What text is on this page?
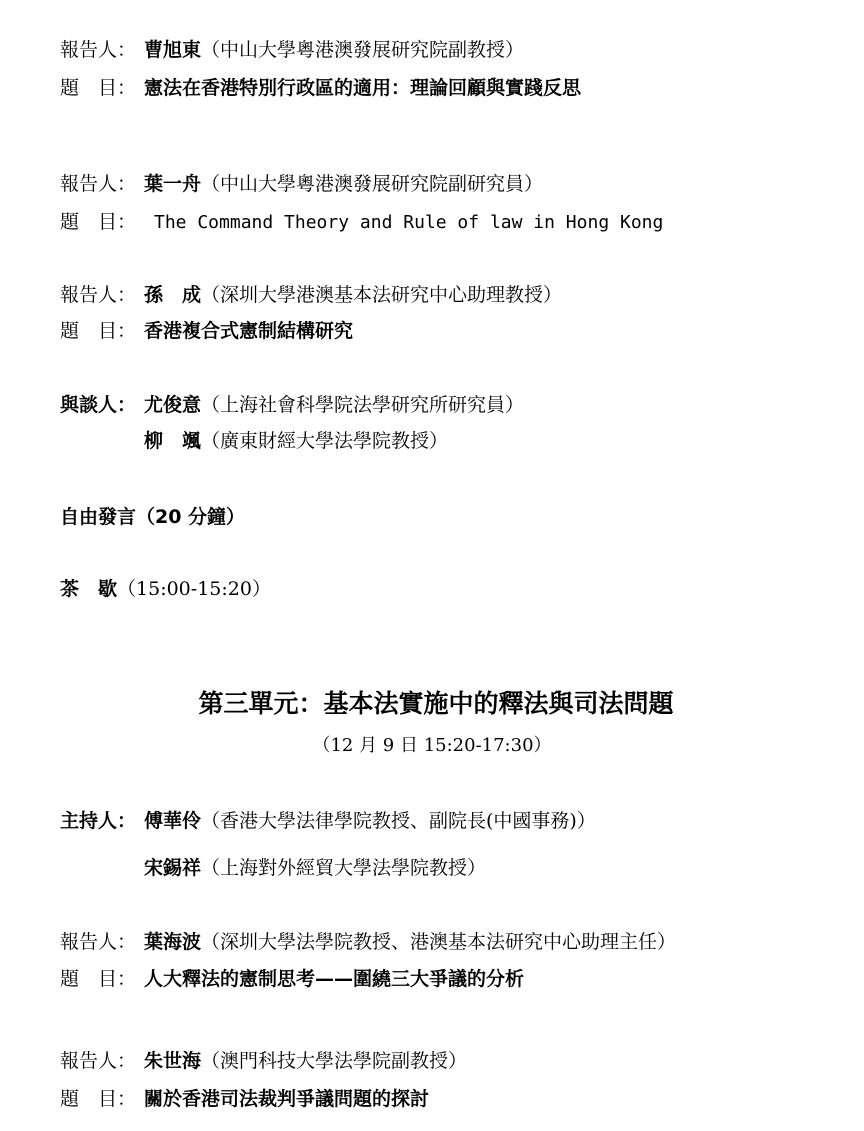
報告人： 曹旭東（中山大學粵港澳發展研究院副教授）
題　目： 憲法在香港特別行政區的適用：理論回顧與實踐反思
報告人： 葉一舟（中山大學粵港澳發展研究院副研究員）
題　目： The Command Theory and Rule of law in Hong Kong
報告人： 孫　成（深圳大學港澳基本法研究中心助理教授）
題　目： 香港複合式憲制結構研究
與談人： 尤俊意（上海社會科學院法學研究所研究員）
柳　颯（廣東財經大學法學院教授）
自由發言（20 分鐘）
茶　歇（15:00-15:20）
第三單元：基本法實施中的釋法與司法問題
（12 月 9 日 15:20-17:30）
主持人： 傅華伶（香港大學法律學院教授、副院長(中國事務)）
宋錫祥（上海對外經貿大學法學院教授）
報告人： 葉海波（深圳大學法學院教授、港澳基本法研究中心助理主任）
題　目： 人大釋法的憲制思考——圍繞三大爭議的分析
報告人： 朱世海（澳門科技大學法學院副教授）
題　目： 關於香港司法裁判爭議問題的探討
